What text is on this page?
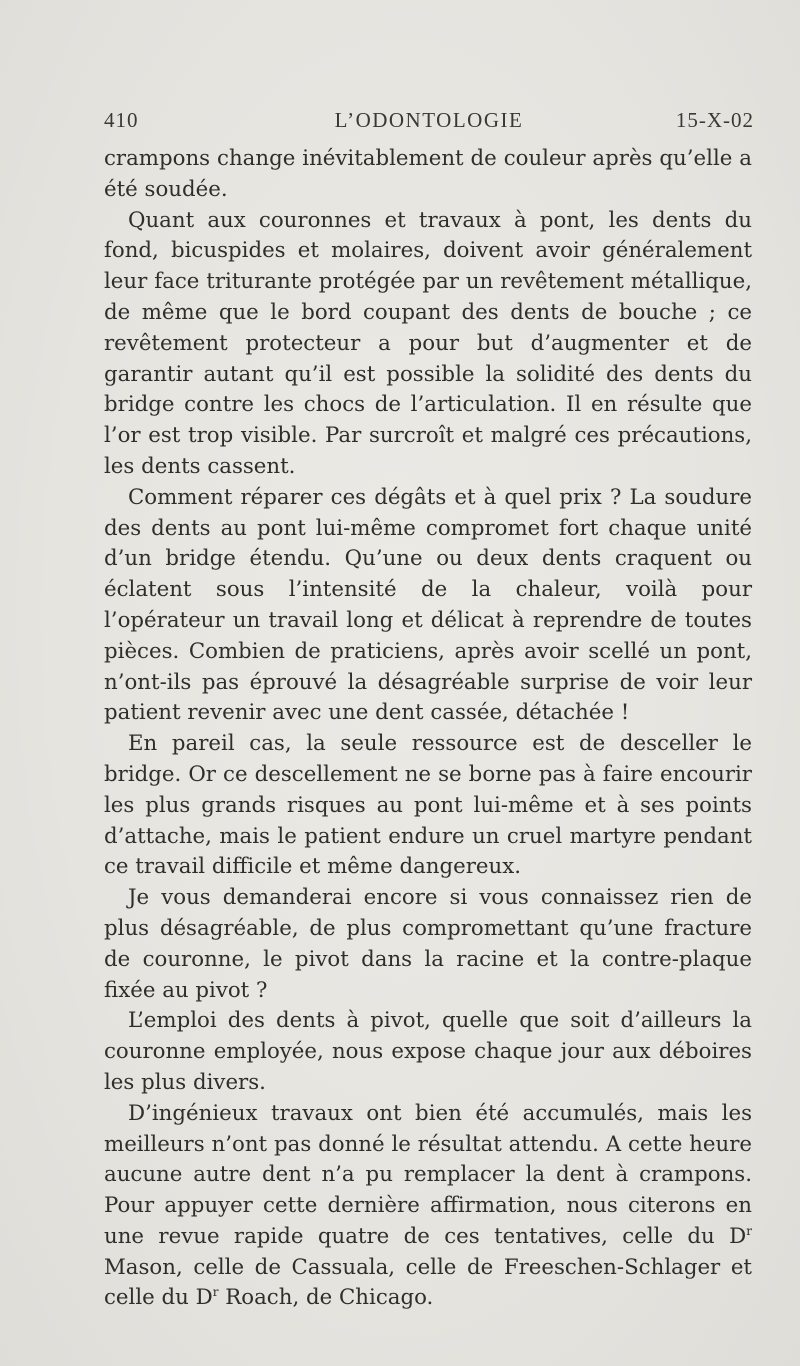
410	L’ODONTOLOGIE	15-X-02

crampons change inévitablement de couleur après qu’elle a été soudée.

Quant aux couronnes et travaux à pont, les dents du fond, bicuspides et molaires, doivent avoir généralement leur face triturante protégée par un revêtement métallique, de même que le bord coupant des dents de bouche ; ce revêtement protecteur a pour but d’augmenter et de garantir autant qu’il est possible la solidité des dents du bridge contre les chocs de l’articulation. Il en résulte que l’or est trop visible. Par surcroît et malgré ces précautions, les dents cassent.

Comment réparer ces dégâts et à quel prix ? La soudure des dents au pont lui-même compromet fort chaque unité d’un bridge étendu. Qu’une ou deux dents craquent ou éclatent sous l’intensité de la chaleur, voilà pour l’opérateur un travail long et délicat à reprendre de toutes pièces. Combien de praticiens, après avoir scellé un pont, n’ont-ils pas éprouvé la désagréable surprise de voir leur patient revenir avec une dent cassée, détachée !

En pareil cas, la seule ressource est de desceller le bridge. Or ce descellement ne se borne pas à faire encourir les plus grands risques au pont lui-même et à ses points d’attache, mais le patient endure un cruel martyre pendant ce travail difficile et même dangereux.

Je vous demanderai encore si vous connaissez rien de plus désagréable, de plus compromettant qu’une fracture de couronne, le pivot dans la racine et la contre-plaque fixée au pivot ?

L’emploi des dents à pivot, quelle que soit d’ailleurs la couronne employée, nous expose chaque jour aux déboires les plus divers.

D’ingénieux travaux ont bien été accumulés, mais les meilleurs n’ont pas donné le résultat attendu. A cette heure aucune autre dent n’a pu remplacer la dent à crampons. Pour appuyer cette dernière affirmation, nous citerons en une revue rapide quatre de ces tentatives, celle du $D^r$ Mason, celle de Cassuala, celle de Freeschen-Schlager et celle du $D^r$ Roach, de Chicago.
